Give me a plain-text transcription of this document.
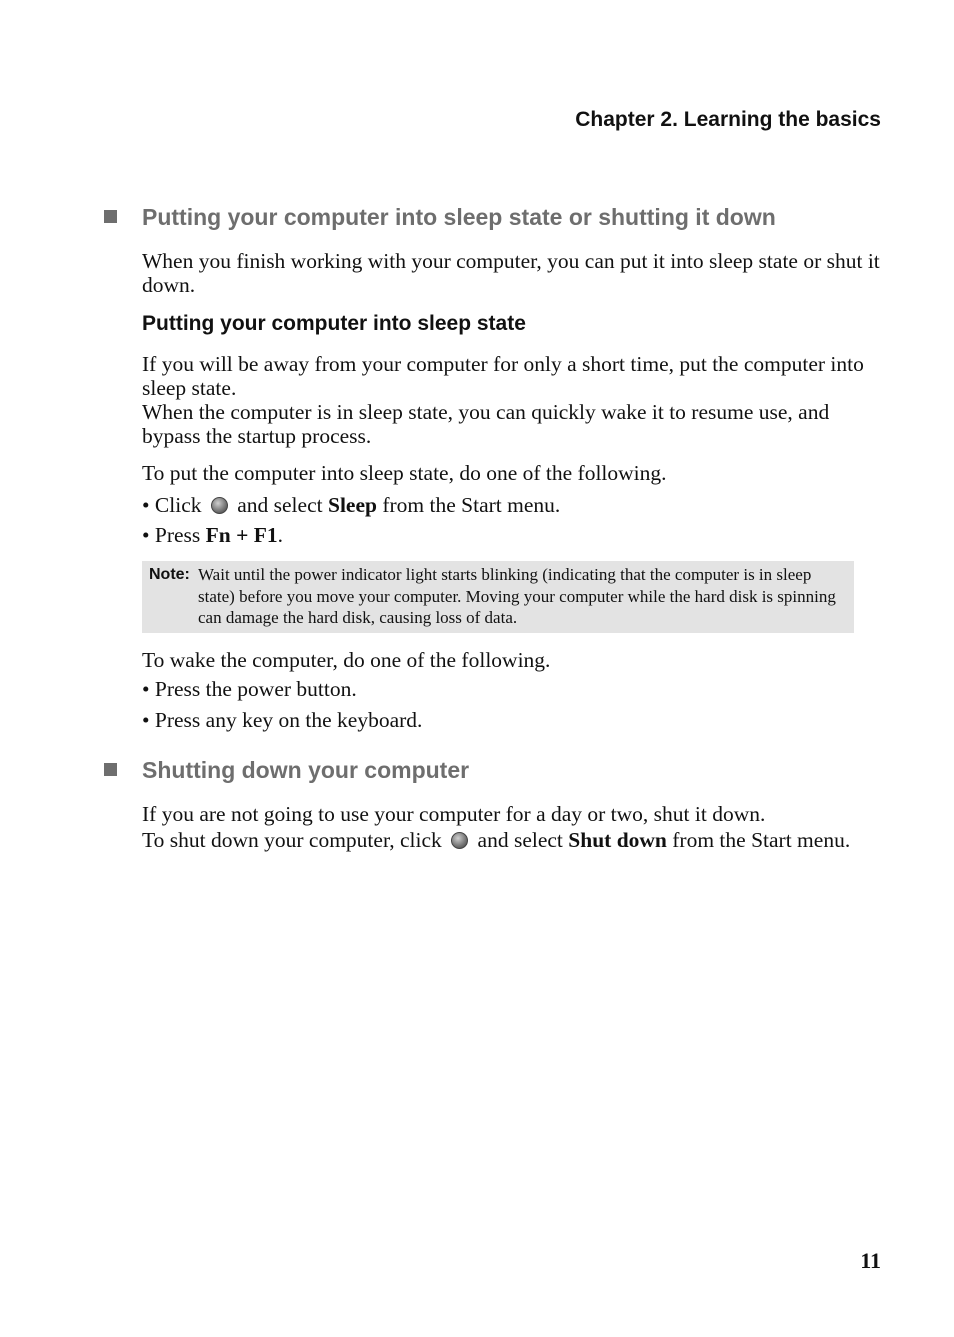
Chapter 2. Learning the basics
Putting your computer into sleep state or shutting it down
When you finish working with your computer, you can put it into sleep state or shut it down.
Putting your computer into sleep state
If you will be away from your computer for only a short time, put the computer into sleep state.
When the computer is in sleep state, you can quickly wake it to resume use, and bypass the startup process.
To put the computer into sleep state, do one of the following.
• Click and select Sleep from the Start menu.
• Press Fn + F1.
Note: Wait until the power indicator light starts blinking (indicating that the computer is in sleep state) before you move your computer. Moving your computer while the hard disk is spinning can damage the hard disk, causing loss of data.
To wake the computer, do one of the following.
• Press the power button.
• Press any key on the keyboard.
Shutting down your computer
If you are not going to use your computer for a day or two, shut it down.
To shut down your computer, click and select Shut down from the Start menu.
11
